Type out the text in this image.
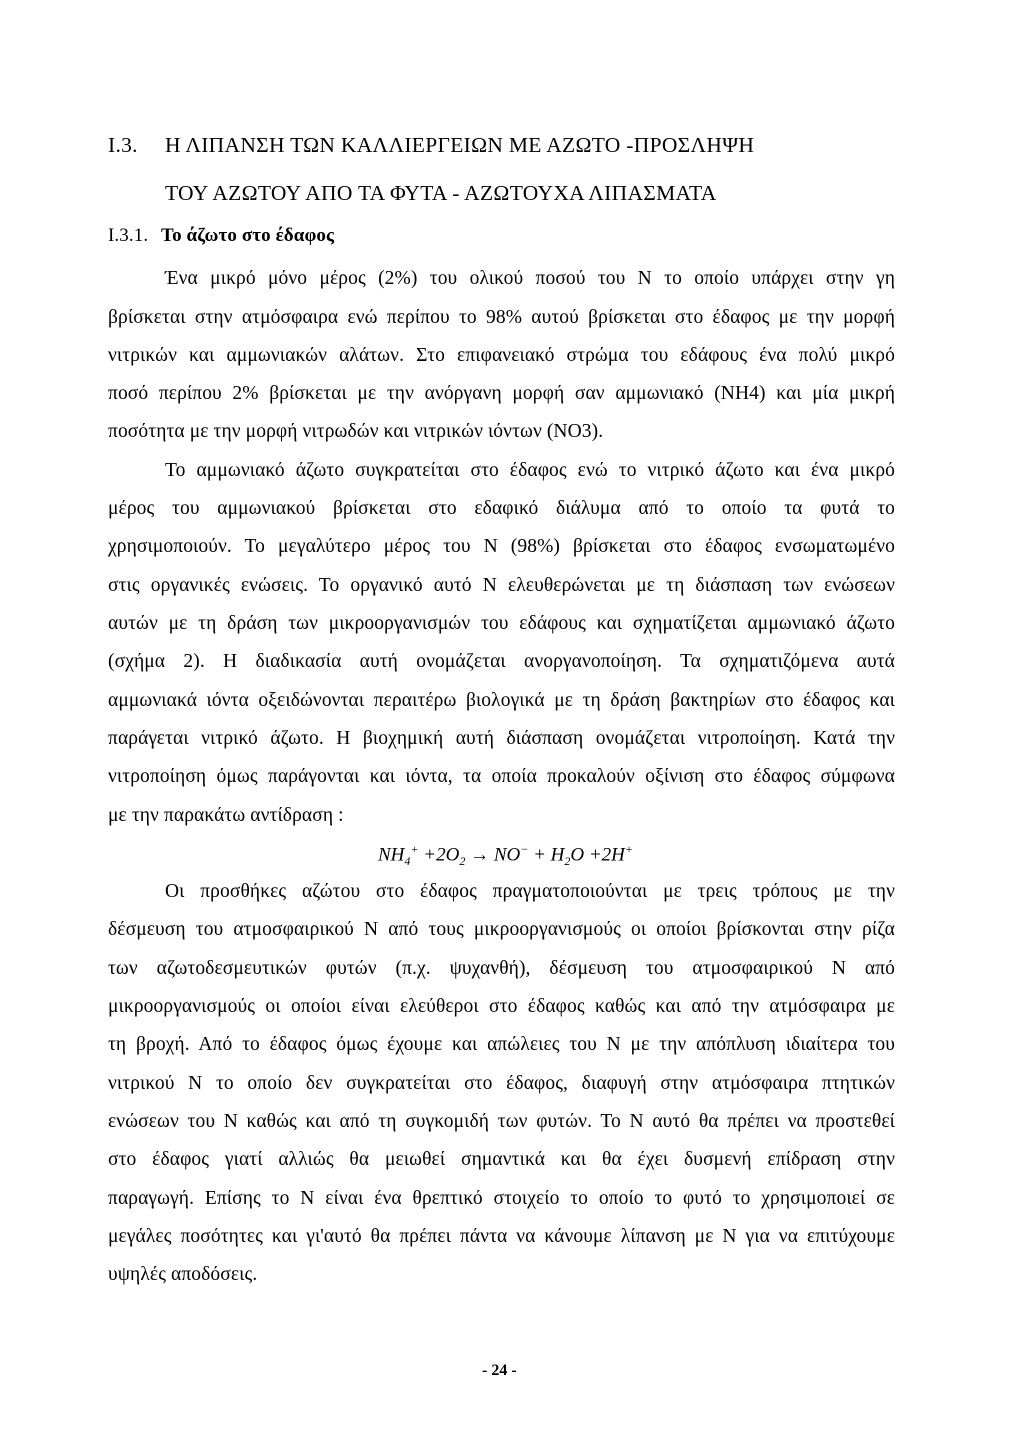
Ι.3. Η ΛΙΠΑΝΣΗ ΤΩΝ ΚΑΛΛΙΕΡΓΕΙΩΝ ΜΕ ΑΖΩΤΟ -ΠΡΟΣΛΗΨΗ
ΤΟΥ ΑΖΩΤΟΥ ΑΠΟ ΤΑ ΦΥΤΑ - ΑΖΩΤΟΥΧΑ ΛΙΠΑΣΜΑΤΑ
Ι.3.1. Το άζωτο στο έδαφος
Ένα μικρό μόνο μέρος (2%) του ολικού ποσού του Ν το οποίο υπάρχει στην γη
βρίσκεται στην ατμόσφαιρα ενώ περίπου το 98% αυτού βρίσκεται στο έδαφος με την μορφή
νιτρικών και αμμωνιακών αλάτων. Στο επιφανειακό στρώμα του εδάφους ένα πολύ μικρό
ποσό περίπου 2% βρίσκεται με την ανόργανη μορφή σαν αμμωνιακό (ΝΗ4) και μία μικρή
ποσότητα με την μορφή νιτρωδών και νιτρικών ιόντων (ΝΟ3).
Το αμμωνιακό άζωτο συγκρατείται στο έδαφος ενώ το νιτρικό άζωτο και ένα μικρό
μέρος του αμμωνιακού βρίσκεται στο εδαφικό διάλυμα από το οποίο τα φυτά το
χρησιμοποιούν. Το μεγαλύτερο μέρος του Ν (98%) βρίσκεται στο έδαφος ενσωματωμένο
στις οργανικές ενώσεις. Το οργανικό αυτό Ν ελευθερώνεται με τη διάσπαση των ενώσεων
αυτών με τη δράση των μικροοργανισμών του εδάφους και σχηματίζεται αμμωνιακό άζωτο
(σχήμα 2). Η διαδικασία αυτή ονομάζεται ανοργανοποίηση. Τα σχηματιζόμενα αυτά
αμμωνιακά ιόντα οξειδώνονται περαιτέρω βιολογικά με τη δράση βακτηρίων στο έδαφος και
παράγεται νιτρικό άζωτο. Η βιοχημική αυτή διάσπαση ονομάζεται νιτροποίηση. Κατά την
νιτροποίηση όμως παράγονται και ιόντα, τα οποία προκαλούν οξίνιση στο έδαφος σύμφωνα
με την παρακάτω αντίδραση :
$NH_4^+ +2O_2 \to NO^- + H_2O +2H^+$
Οι προσθήκες αζώτου στο έδαφος πραγματοποιούνται με τρεις τρόπους με την
δέσμευση του ατμοσφαιρικού Ν από τους μικροοργανισμούς οι οποίοι βρίσκονται στην ρίζα
των αζωτοδεσμευτικών φυτών (π.χ. ψυχανθή), δέσμευση του ατμοσφαιρικού Ν από
μικροοργανισμούς οι οποίοι είναι ελεύθεροι στο έδαφος καθώς και από την ατμόσφαιρα με
τη βροχή. Από το έδαφος όμως έχουμε και απώλειες του Ν με την απόπλυση ιδιαίτερα του
νιτρικού Ν το οποίο δεν συγκρατείται στο έδαφος, διαφυγή στην ατμόσφαιρα πτητικών
ενώσεων του Ν καθώς και από τη συγκομιδή των φυτών. Το Ν αυτό θα πρέπει να προστεθεί
στο έδαφος γιατί αλλιώς θα μειωθεί σημαντικά και θα έχει δυσμενή επίδραση στην
παραγωγή. Επίσης το Ν είναι ένα θρεπτικό στοιχείο το οποίο το φυτό το χρησιμοποιεί σε
μεγάλες ποσότητες και γι'αυτό θα πρέπει πάντα να κάνουμε λίπανση με Ν για να επιτύχουμε
υψηλές αποδόσεις.
- 24 -
